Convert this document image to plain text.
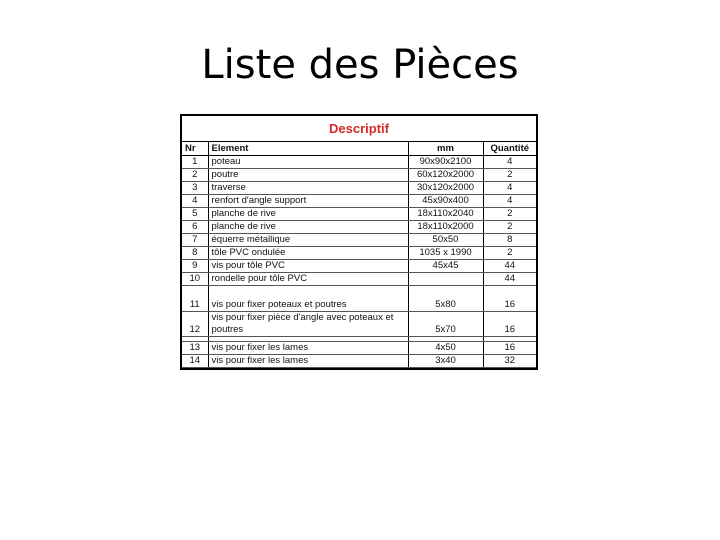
Liste des Pièces
Descriptif
Nr	Element	mm	Quantité
1	poteau	90x90x2100	4
2	poutre	60x120x2000	2
3	traverse	30x120x2000	4
4	renfort d'angle support	45x90x400	4
5	planche de rive	18x110x2040	2
6	planche de rive	18x110x2000	2
7	équerre métallique	50x50	8
8	tôle PVC ondulée	1035 x 1990	2
9	vis pour tôle PVC	45x45	44
10	rondelle pour tôle PVC		44
11	vis pour fixer poteaux et poutres	5x80	16
12	vis pour fixer pièce d'angle avec poteaux et poutres	5x70	16

13	vis pour fixer les lames	4x50	16
14	vis pour fixer les lames	3x40	32
